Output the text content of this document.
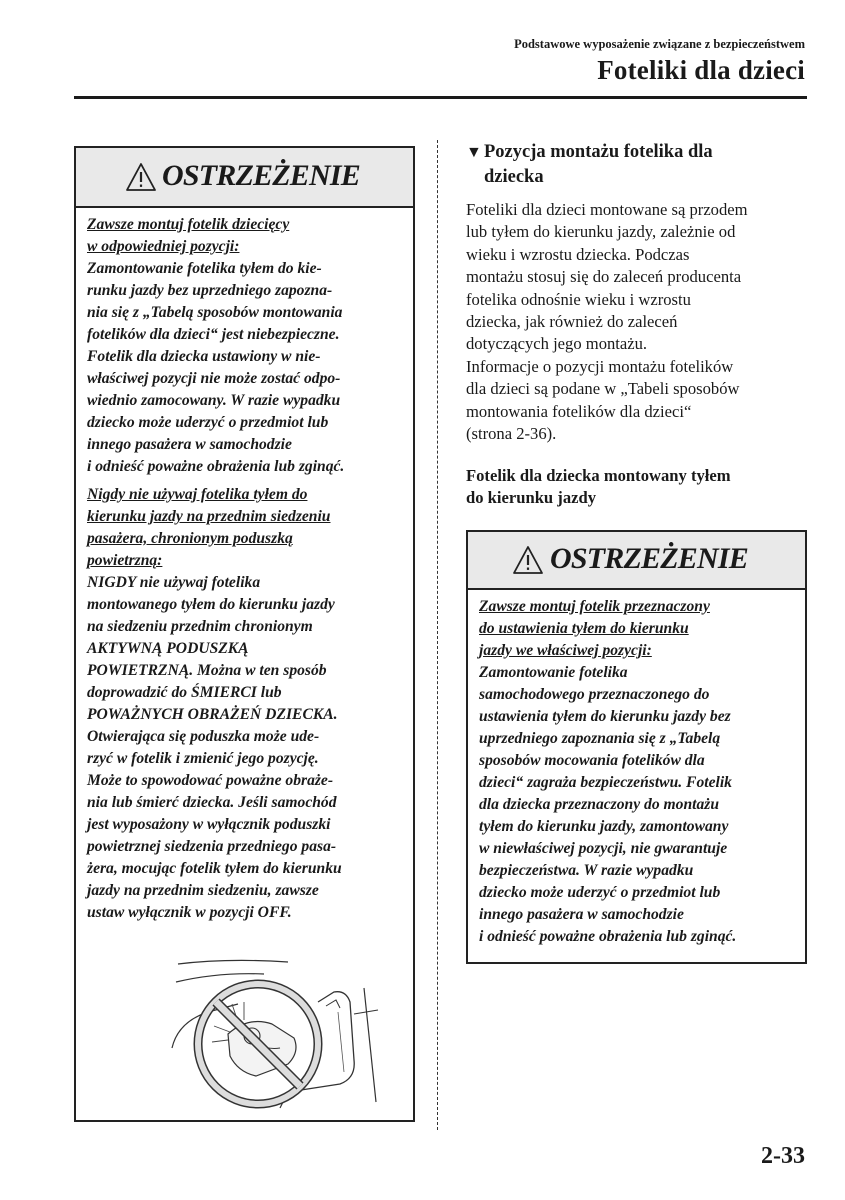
Podstawowe wyposażenie związane z bezpieczeństwem
Foteliki dla dzieci
OSTRZEŻENIE
Zawsze montuj fotelik dziecięcy
w odpowiedniej pozycji:
Zamontowanie fotelika tyłem do kie-
runku jazdy bez uprzedniego zapozna-
nia się z „Tabelą sposobów montowania
fotelików dla dzieci“ jest niebezpieczne.
Fotelik dla dziecka ustawiony w nie-
właściwej pozycji nie może zostać odpo-
wiednio zamocowany. W razie wypadku
dziecko może uderzyć o przedmiot lub
innego pasażera w samochodzie
i odnieść poważne obrażenia lub zginąć.
Nigdy nie używaj fotelika tyłem do
kierunku jazdy na przednim siedzeniu
pasażera, chronionym poduszką
powietrzną:
NIGDY nie używaj fotelika
montowanego tyłem do kierunku jazdy
na siedzeniu przednim chronionym
AKTYWNĄ PODUSZKĄ
POWIETRZNĄ. Można w ten sposób
doprowadzić do ŚMIERCI lub
POWAŻNYCH OBRAŻEŃ DZIECKA.
Otwierająca się poduszka może ude-
rzyć w fotelik i zmienić jego pozycję.
Może to spowodować poważne obraże-
nia lub śmierć dziecka. Jeśli samochód
jest wyposażony w wyłącznik poduszki
powietrznej siedzenia przedniego pasa-
żera, mocując fotelik tyłem do kierunku
jazdy na przednim siedzeniu, zawsze
ustaw wyłącznik w pozycji OFF.
▼ Pozycja montażu fotelika dla
dziecka
Foteliki dla dzieci montowane są przodem
lub tyłem do kierunku jazdy, zależnie od
wieku i wzrostu dziecka. Podczas
montażu stosuj się do zaleceń producenta
fotelika odnośnie wieku i wzrostu
dziecka, jak również do zaleceń
dotyczących jego montażu.
Informacje o pozycji montażu fotelików
dla dzieci są podane w „Tabeli sposobów
montowania fotelików dla dzieci“
(strona 2-36).
Fotelik dla dziecka montowany tyłem
do kierunku jazdy
OSTRZEŻENIE
Zawsze montuj fotelik przeznaczony
do ustawienia tyłem do kierunku
jazdy we właściwej pozycji:
Zamontowanie fotelika
samochodowego przeznaczonego do
ustawienia tyłem do kierunku jazdy bez
uprzedniego zapoznania się z „Tabelą
sposobów mocowania fotelików dla
dzieci“ zagraża bezpieczeństwu. Fotelik
dla dziecka przeznaczony do montażu
tyłem do kierunku jazdy, zamontowany
w niewłaściwej pozycji, nie gwarantuje
bezpieczeństwa. W razie wypadku
dziecko może uderzyć o przedmiot lub
innego pasażera w samochodzie
i odnieść poważne obrażenia lub zginąć.
2-33
